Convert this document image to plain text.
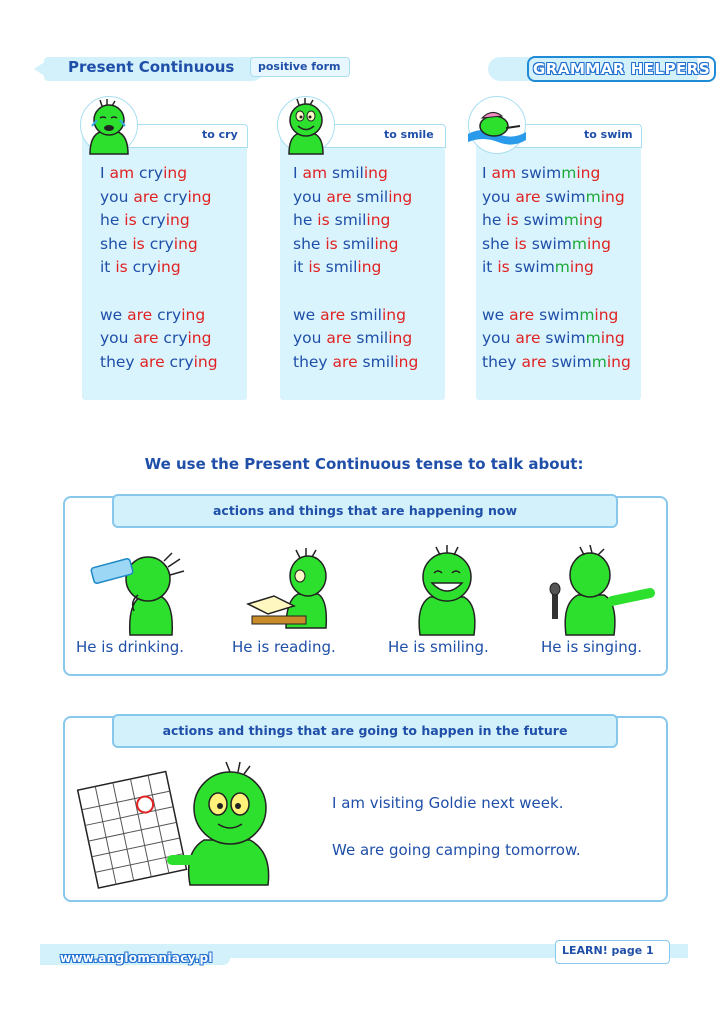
Present Continuous positive form	GRAMMAR HELPERS
to cry	to smile	to swim
I am crying
you are crying
he is crying
she is crying
it is crying
we are crying
you are crying
they are crying
I am smiling
you are smiling
he is smiling
she is smiling
it is smiling
we are smiling
you are smiling
they are smiling
I am swimming
you are swimming
he is swimming
she is swimming
it is swimming
we are swimming
you are swimming
they are swimming
We use the Present Continuous tense to talk about:
actions and things that are happening now
He is drinking.	He is reading.	He is smiling.	He is singing.
actions and things that are going to happen in the future
I am visiting Goldie next week.
We are going camping tomorrow.
www.anglomaniacy.pl
LEARN! page 1
